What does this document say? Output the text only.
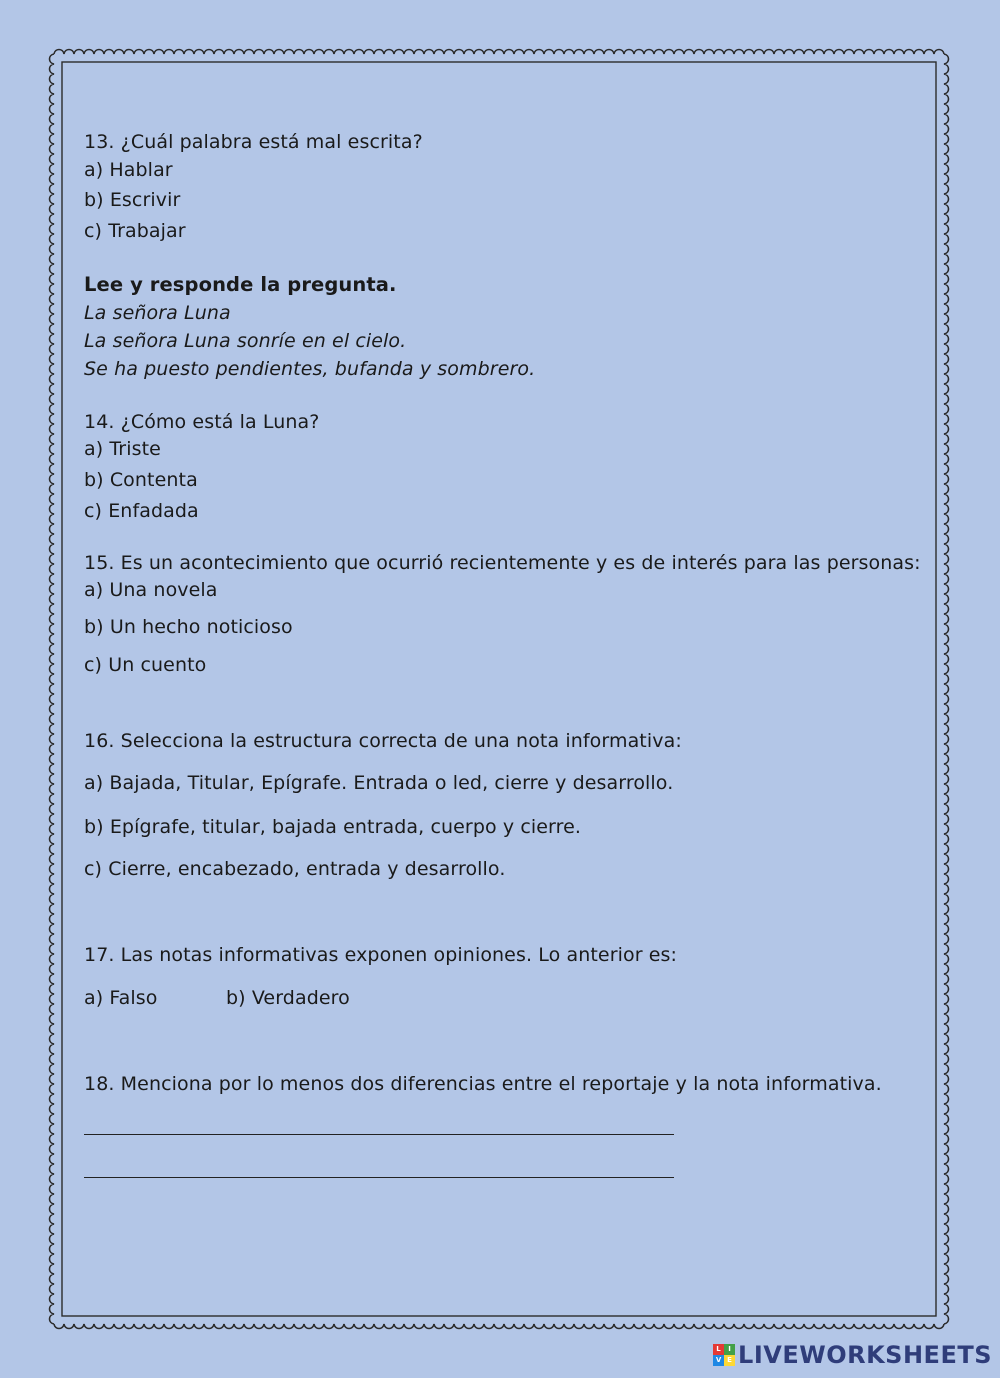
13. ¿Cuál palabra está mal escrita?
a) Hablar
b) Escrivir
c) Trabajar
Lee y responde la pregunta.
La señora Luna
La señora Luna sonríe en el cielo.
Se ha puesto pendientes, bufanda y sombrero.
14. ¿Cómo está la Luna?
a) Triste
b) Contenta
c) Enfadada
15. Es un acontecimiento que ocurrió recientemente y es de interés para las personas:
a) Una novela
b) Un hecho noticioso
c) Un cuento
16. Selecciona la estructura correcta de una nota informativa:
a) Bajada, Titular, Epígrafe. Entrada o led, cierre y desarrollo.
b) Epígrafe, titular, bajada entrada, cuerpo y cierre.
c) Cierre, encabezado, entrada y desarrollo.
17. Las notas informativas exponen opiniones. Lo anterior es:
a) Falso	b) Verdadero
18. Menciona por lo menos dos diferencias entre el reportaje y la nota informativa.
L	I
V E LIVEWORKSHEETS
